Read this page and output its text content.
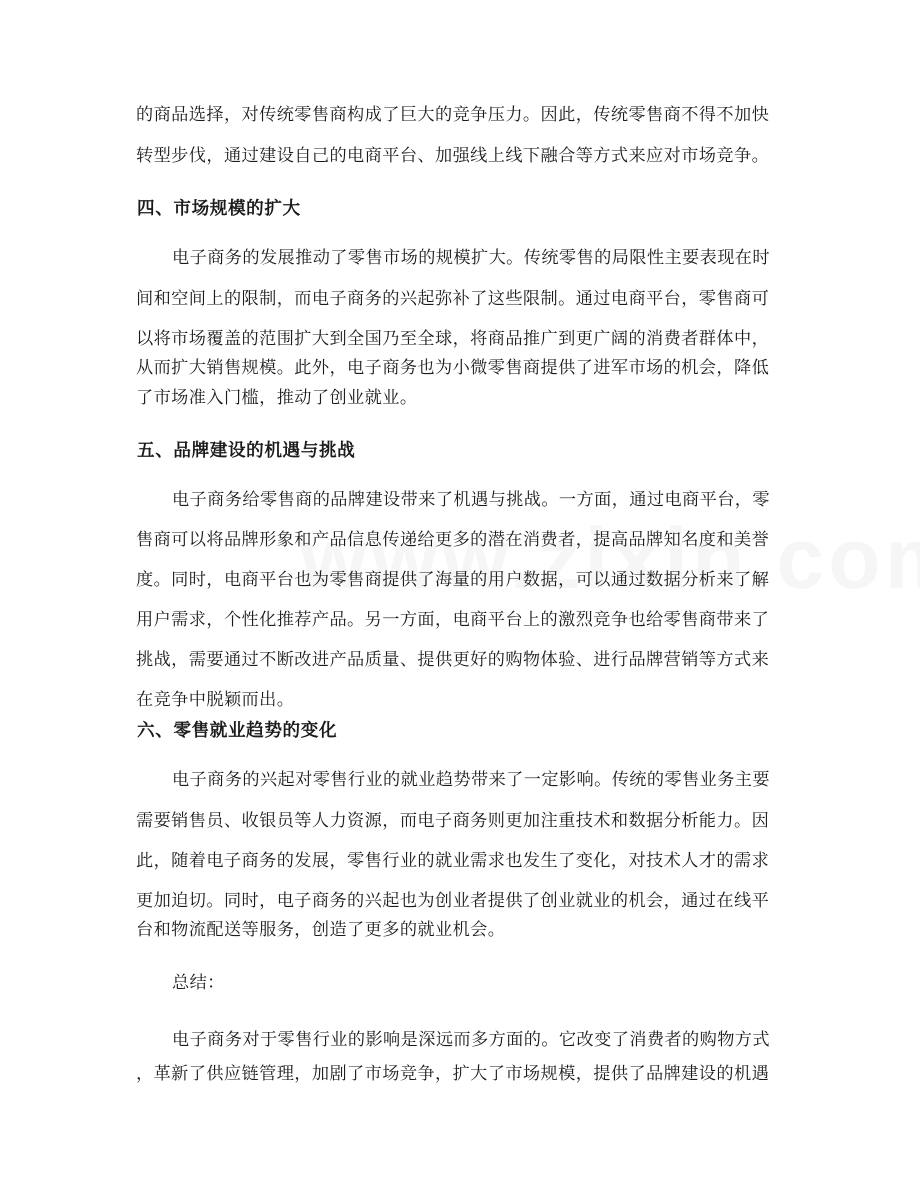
的商品选择，对传统零售商构成了巨大的竞争压力。因此，传统零售商不得不加快
转型步伐，通过建设自己的电商平台、加强线上线下融合等方式来应对市场竞争。
四、市场规模的扩大
电子商务的发展推动了零售市场的规模扩大。传统零售的局限性主要表现在时
间和空间上的限制，而电子商务的兴起弥补了这些限制。通过电商平台，零售商可
以将市场覆盖的范围扩大到全国乃至全球，将商品推广到更广阔的消费者群体中，
从而扩大销售规模。此外，电子商务也为小微零售商提供了进军市场的机会，降低
了市场准入门槛，推动了创业就业。
五、品牌建设的机遇与挑战
电子商务给零售商的品牌建设带来了机遇与挑战。一方面，通过电商平台，零
售商可以将品牌形象和产品信息传递给更多的潜在消费者，提高品牌知名度和美誉
度。同时，电商平台也为零售商提供了海量的用户数据，可以通过数据分析来了解
用户需求，个性化推荐产品。另一方面，电商平台上的激烈竞争也给零售商带来了
挑战，需要通过不断改进产品质量、提供更好的购物体验、进行品牌营销等方式来
在竞争中脱颖而出。
六、零售就业趋势的变化
电子商务的兴起对零售行业的就业趋势带来了一定影响。传统的零售业务主要
需要销售员、收银员等人力资源，而电子商务则更加注重技术和数据分析能力。因
此，随着电子商务的发展，零售行业的就业需求也发生了变化，对技术人才的需求
更加迫切。同时，电子商务的兴起也为创业者提供了创业就业的机会，通过在线平
台和物流配送等服务，创造了更多的就业机会。
总结：
电子商务对于零售行业的影响是深远而多方面的。它改变了消费者的购物方式
，革新了供应链管理，加剧了市场竞争，扩大了市场规模，提供了品牌建设的机遇
